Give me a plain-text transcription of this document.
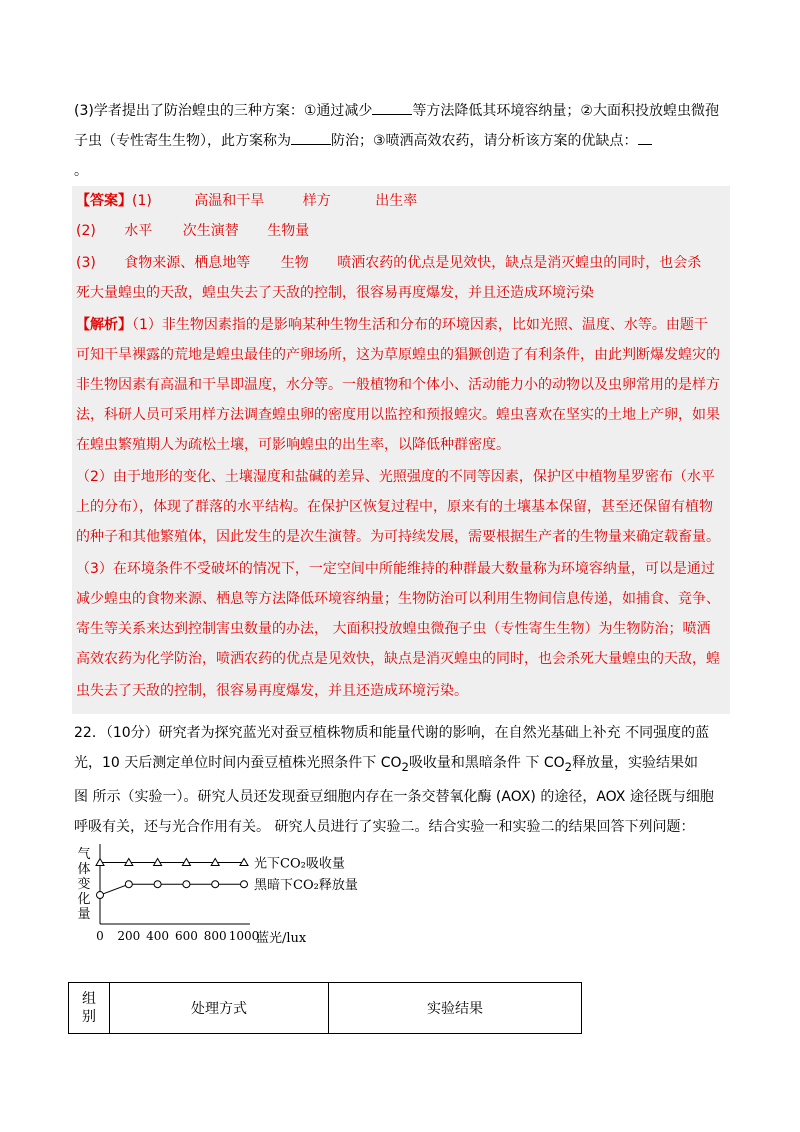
(3)学者提出了防治蝗虫的三种方案：①通过减少	等方法降低其环境容纳量；②大面积投放蝗虫微孢
子虫（专性寄生生物），此方案称为	防治；③喷洒高效农药，请分析该方案的优缺点：
。
【答案】(1)	高温和干旱	样方	出生率
(2) 水平 次生演替 生物量
(3) 食物来源、栖息地等 生物 喷洒农药的优点是见效快，缺点是消灭蝗虫的同时，也会杀
死大量蝗虫的天敌，蝗虫失去了天敌的控制，很容易再度爆发，并且还造成环境污染
【解析】（1）非生物因素指的是影响某种生物生活和分布的环境因素，比如光照、温度、水等。由题干
可知干旱裸露的荒地是蝗虫最佳的产卵场所，这为草原蝗虫的猖獗创造了有利条件，由此判断爆发蝗灾的
非生物因素有高温和干旱即温度，水分等。一般植物和个体小、活动能力小的动物以及虫卵常用的是样方
法，科研人员可采用样方法调查蝗虫卵的密度用以监控和预报蝗灾。蝗虫喜欢在坚实的土地上产卵，如果
在蝗虫繁殖期人为疏松土壤，可影响蝗虫的出生率，以降低种群密度。
（2）由于地形的变化、土壤湿度和盐碱的差异、光照强度的不同等因素，保护区中植物星罗密布（水平
上的分布），体现了群落的水平结构。在保护区恢复过程中，原来有的土壤基本保留，甚至还保留有植物
的种子和其他繁殖体，因此发生的是次生演替。为可持续发展，需要根据生产者的生物量来确定载畜量。
（3）在环境条件不受破坏的情况下，一定空间中所能维持的种群最大数量称为环境容纳量，可以是通过
减少蝗虫的食物来源、栖息等方法降低环境容纳量；生物防治可以利用生物间信息传递，如捕食、竞争、
寄生等关系来达到控制害虫数量的办法， 大面积投放蝗虫微孢子虫（专性寄生生物）为生物防治；喷洒
高效农药为化学防治，喷洒农药的优点是见效快，缺点是消灭蝗虫的同时，也会杀死大量蝗虫的天敌，蝗
虫失去了天敌的控制，很容易再度爆发，并且还造成环境污染。
22．（10分）研究者为探究蓝光对蚕豆植株物质和能量代谢的影响，在自然光基础上补充 不同强度的蓝
光，10 天后测定单位时间内蚕豆植株光照条件下 $CO_2$吸收量和黑暗条件 下 $CO_2$释放量，实验结果如
图 所示（实验一）。研究人员还发现蚕豆细胞内存在一条交替氧化酶 (AOX) 的途径，AOX 途径既与细胞
呼吸有关，还与光合作用有关。 研究人员进行了实验二。结合实验一和实验二的结果回答下列问题：
气
体
变
化
量
0 200 400 600 800 1000
蓝光/lux
光下CO₂吸收量
黑暗下CO₂释放量
组
别	处理方式	实验结果
